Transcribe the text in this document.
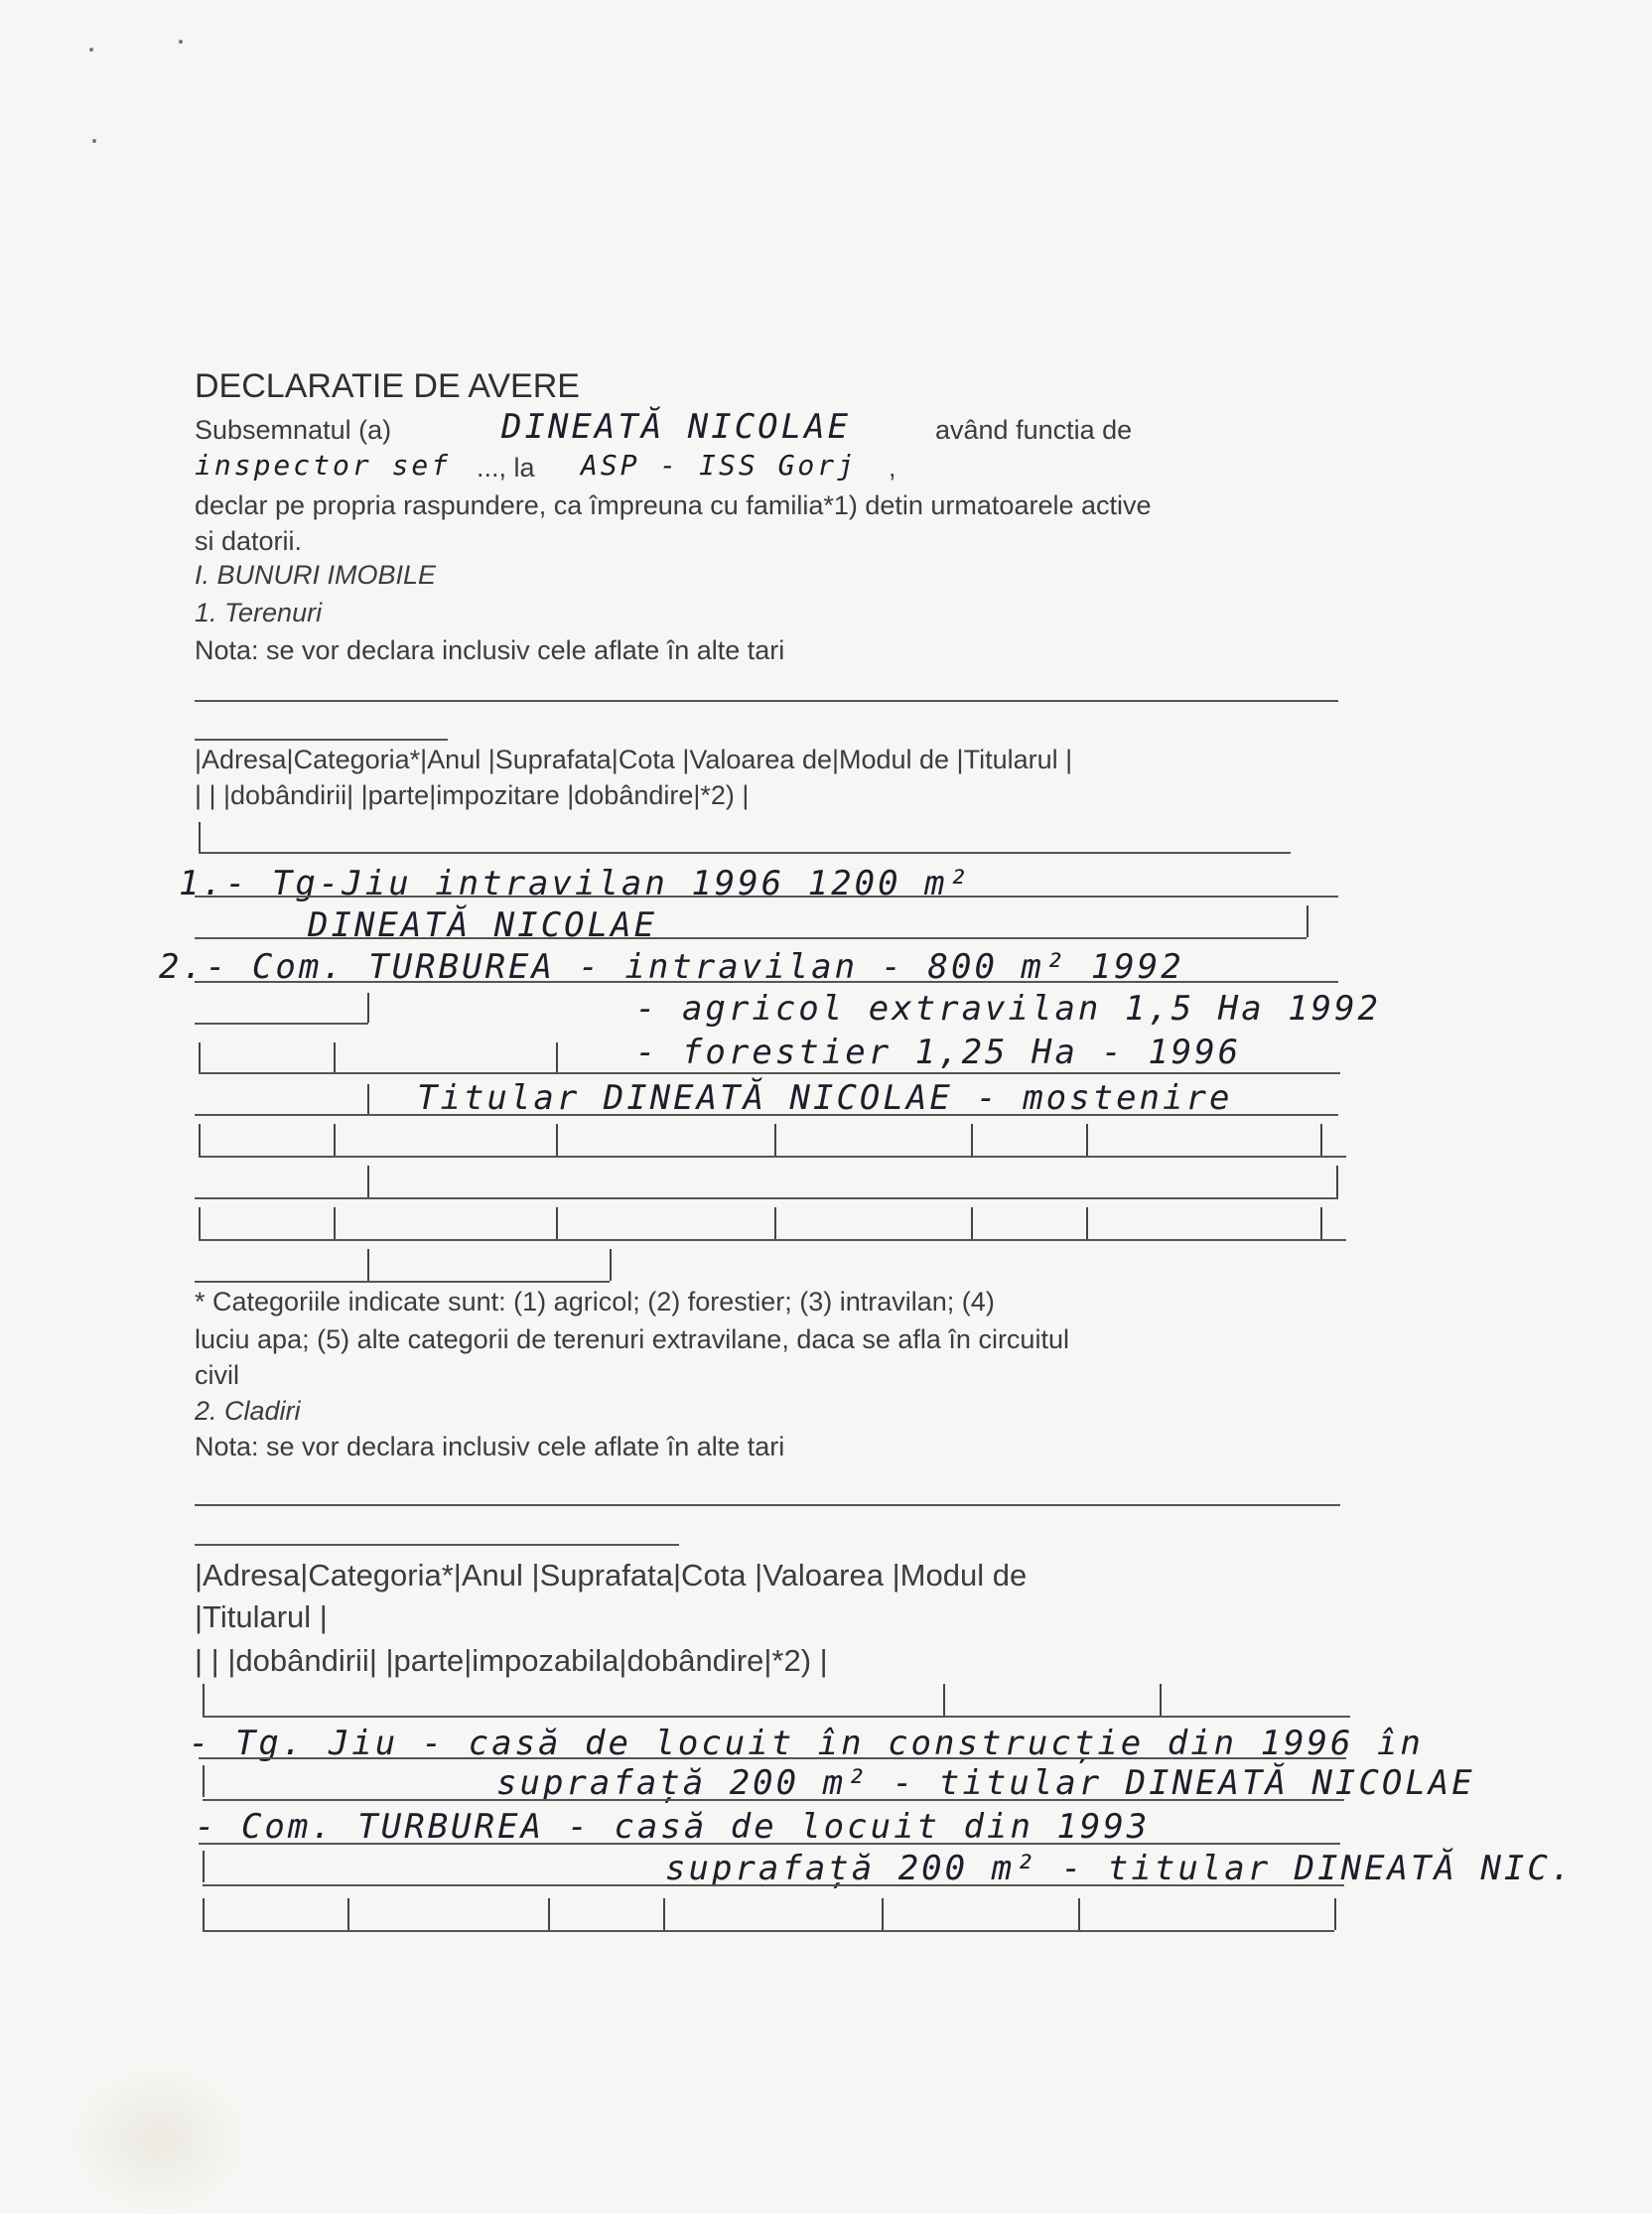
DECLARATIE DE AVERE
Subsemnatul (a)	DINEATĂ NICOLAE	având functia de
inspector sef ..., la ASP - ISS Gorj ,
declar pe propria raspundere, ca împreuna cu familia*1) detin urmatoarele active
si datorii.
I. BUNURI IMOBILE
1. Terenuri
Nota: se vor declara inclusiv cele aflate în alte tari
|Adresa|Categoria*|Anul |Suprafata|Cota |Valoarea de|Modul de |Titularul |
| | |dobândirii| |parte|impozitare |dobândire|*2) |
1.- Tg-Jiu intravilan 1996 1200 m²
DINEATĂ NICOLAE
2.- Com. TURBUREA - intravilan - 800 m² 1992
- agricol extravilan 1,5 Ha 1992
- forestier 1,25 Ha - 1996
Titular DINEATĂ NICOLAE - mostenire
* Categoriile indicate sunt: (1) agricol; (2) forestier; (3) intravilan; (4)
luciu apa; (5) alte categorii de terenuri extravilane, daca se afla în circuitul
civil
2. Cladiri
Nota: se vor declara inclusiv cele aflate în alte tari
|Adresa|Categoria*|Anul |Suprafata|Cota |Valoarea |Modul de
|Titularul |
| | |dobândirii| |parte|impozabila|dobândire|*2) |
- Tg. Jiu - casă de locuit în construcție din 1996 în
suprafață 200 m² - titular DINEATĂ NICOLAE
- Com. TURBUREA - casă de locuit din 1993
suprafață 200 m² - titular DINEATĂ NIC.
